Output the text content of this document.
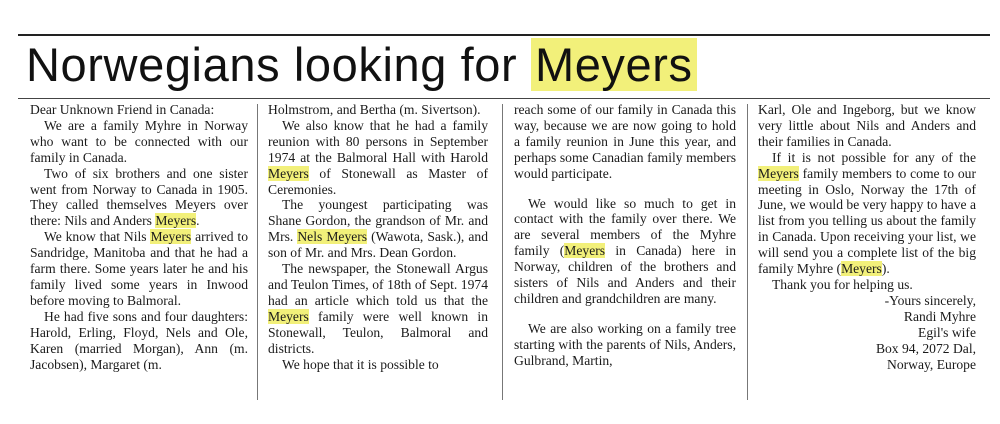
Norwegians looking for Meyers

Dear Unknown Friend in Canada:

We are a family Myhre in Norway who want to be connected with our family in Canada.

Two of six brothers and one sister went from Norway to Canada in 1905. They called themselves Meyers over there: Nils and Anders Meyers.

We know that Nils Meyers arrived to Sandridge, Manitoba and that he had a farm there. Some years later he and his family lived some years in Inwood before moving to Balmoral.

He had five sons and four daughters: Harold, Erling, Floyd, Nels and Ole, Karen (married Morgan), Ann (m. Jacobsen), Margaret (m.

Holmstrom, and Bertha (m. Sivertson).

We also know that he had a family reunion with 80 persons in September 1974 at the Balmoral Hall with Harold Meyers of Stonewall as Master of Ceremonies.

The youngest participating was Shane Gordon, the grandson of Mr. and Mrs. Nels Meyers (Wawota, Sask.), and son of Mr. and Mrs. Dean Gordon.

The newspaper, the Stonewall Argus and Teulon Times, of 18th of Sept. 1974 had an article which told us that the Meyers family were well known in Stonewall, Teulon, Balmoral and districts.

We hope that it is possible to

reach some of our family in Canada this way, because we are now going to hold a family reunion in June this year, and perhaps some Canadian family members would participate.

We would like so much to get in contact with the family over there. We are several members of the Myhre family (Meyers in Canada) here in Norway, children of the brothers and sisters of Nils and Anders and their children and grandchildren are many.

We are also working on a family tree starting with the parents of Nils, Anders, Gulbrand, Martin,

Karl, Ole and Ingeborg, but we know very little about Nils and Anders and their families in Canada.

If it is not possible for any of the Meyers family members to come to our meeting in Oslo, Norway the 17th of June, we would be very happy to have a list from you telling us about the family in Canada. Upon receiving your list, we will send you a complete list of the big family Myhre (Meyers).

Thank you for helping us.

-Yours sincerely,

Randi Myhre

Egil's wife

Box 94, 2072 Dal,

Norway, Europe
